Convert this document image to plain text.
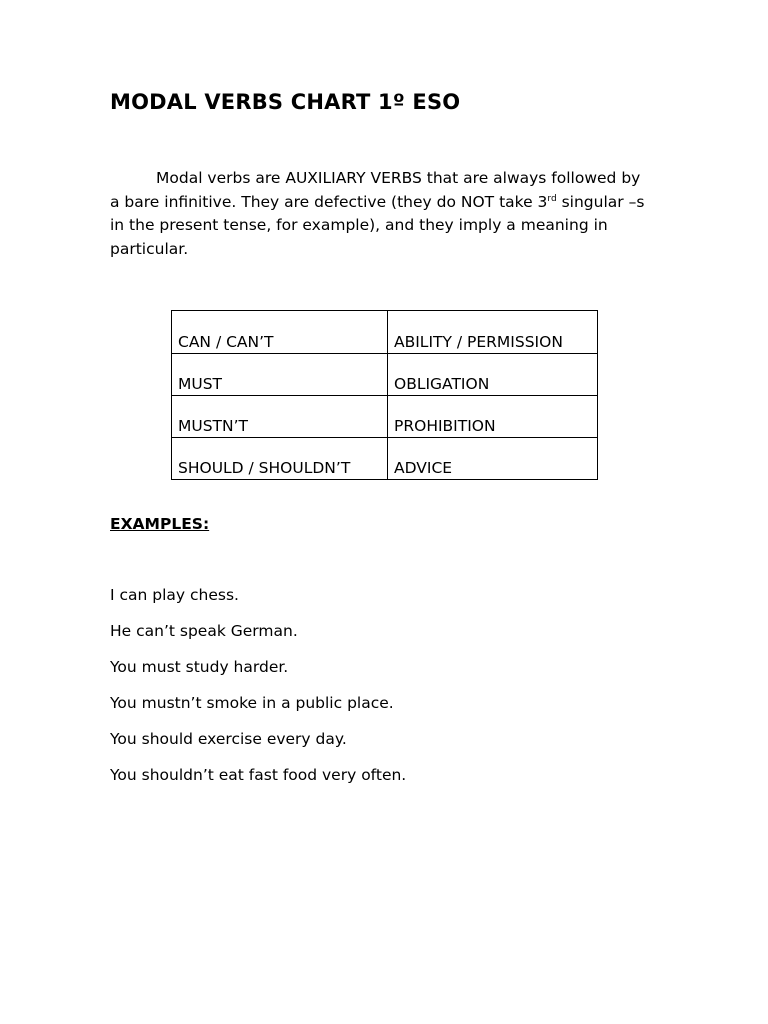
MODAL VERBS CHART 1º ESO

Modal verbs are AUXILIARY VERBS that are always followed by a bare infinitive. They are defective (they do NOT take 3rd singular –s in the present tense, for example), and they imply a meaning in particular.

CAN / CAN’T	ABILITY / PERMISSION
MUST	OBLIGATION
MUSTN’T	PROHIBITION
SHOULD / SHOULDN’T	ADVICE

EXAMPLES:

I can play chess.
He can’t speak German.
You must study harder.
You mustn’t smoke in a public place.
You should exercise every day.
You shouldn’t eat fast food very often.
